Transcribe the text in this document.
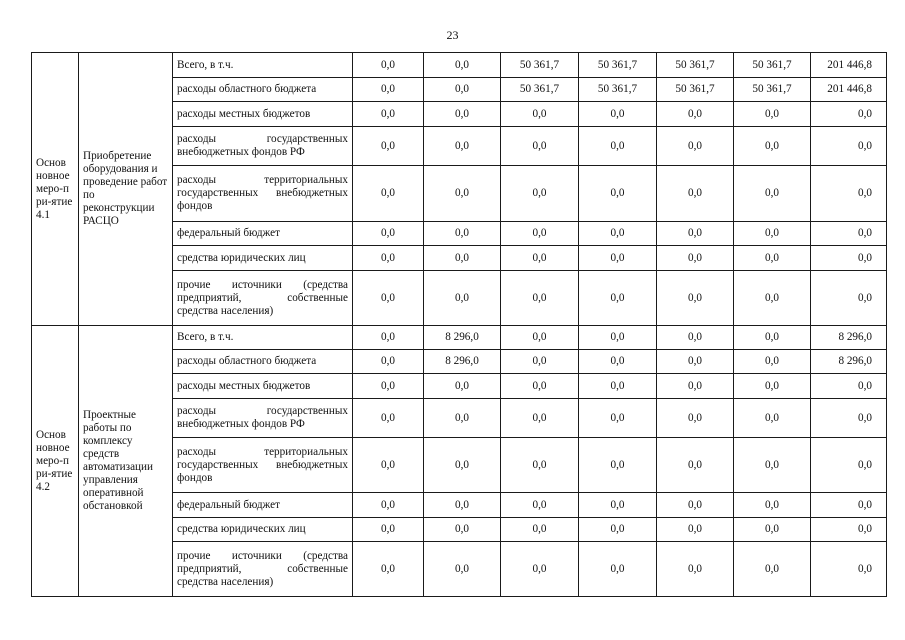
23
Основ новное меро-при-ятие 4.1	Приобретение оборудования и проведение работ по реконструкции РАСЦО	Всего, в т.ч.	0,0	0,0	50 361,7	50 361,7	50 361,7	50 361,7	201 446,8
		расходы областного бюджета	0,0	0,0	50 361,7	50 361,7	50 361,7	50 361,7	201 446,8
		расходы местных бюджетов	0,0	0,0	0,0	0,0	0,0	0,0	0,0
		расходы государственных внебюджетных фондов РФ	0,0	0,0	0,0	0,0	0,0	0,0	0,0
		расходы территориальных государственных внебюджетных фондов	0,0	0,0	0,0	0,0	0,0	0,0	0,0
		федеральный бюджет	0,0	0,0	0,0	0,0	0,0	0,0	0,0
		средства юридических лиц	0,0	0,0	0,0	0,0	0,0	0,0	0,0
		прочие источники (средства предприятий, собственные средства населения)	0,0	0,0	0,0	0,0	0,0	0,0	0,0
Основ новное меро-при-ятие 4.2	Проектные работы по комплексу средств автоматизации управления оперативной обстановкой	Всего, в т.ч.	0,0	8 296,0	0,0	0,0	0,0	0,0	8 296,0
		расходы областного бюджета	0,0	8 296,0	0,0	0,0	0,0	0,0	8 296,0
		расходы местных бюджетов	0,0	0,0	0,0	0,0	0,0	0,0	0,0
		расходы государственных внебюджетных фондов РФ	0,0	0,0	0,0	0,0	0,0	0,0	0,0
		расходы территориальных государственных внебюджетных фондов	0,0	0,0	0,0	0,0	0,0	0,0	0,0
		федеральный бюджет	0,0	0,0	0,0	0,0	0,0	0,0	0,0
		средства юридических лиц	0,0	0,0	0,0	0,0	0,0	0,0	0,0
		прочие источники (средства предприятий, собственные средства населения)	0,0	0,0	0,0	0,0	0,0	0,0	0,0
